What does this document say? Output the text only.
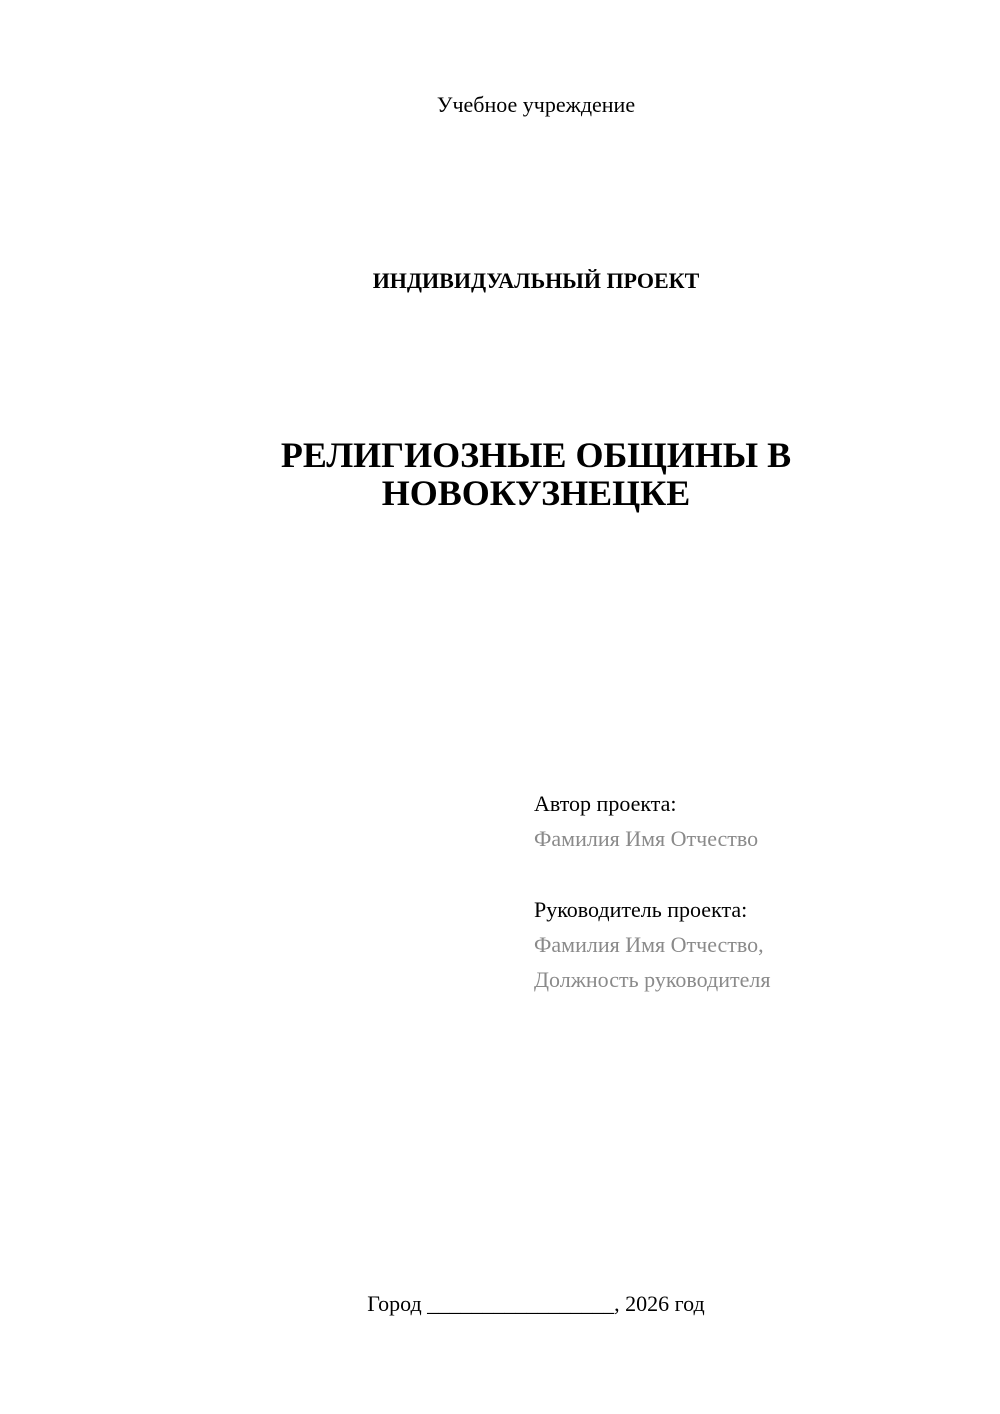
Учебное учреждение
ИНДИВИДУАЛЬНЫЙ ПРОЕКТ
РЕЛИГИОЗНЫЕ ОБЩИНЫ В
НОВОКУЗНЕЦКЕ
Автор проекта:
Фамилия Имя Отчество
Руководитель проекта:
Фамилия Имя Отчество,
Должность руководителя
Город _________________, 2026 год
